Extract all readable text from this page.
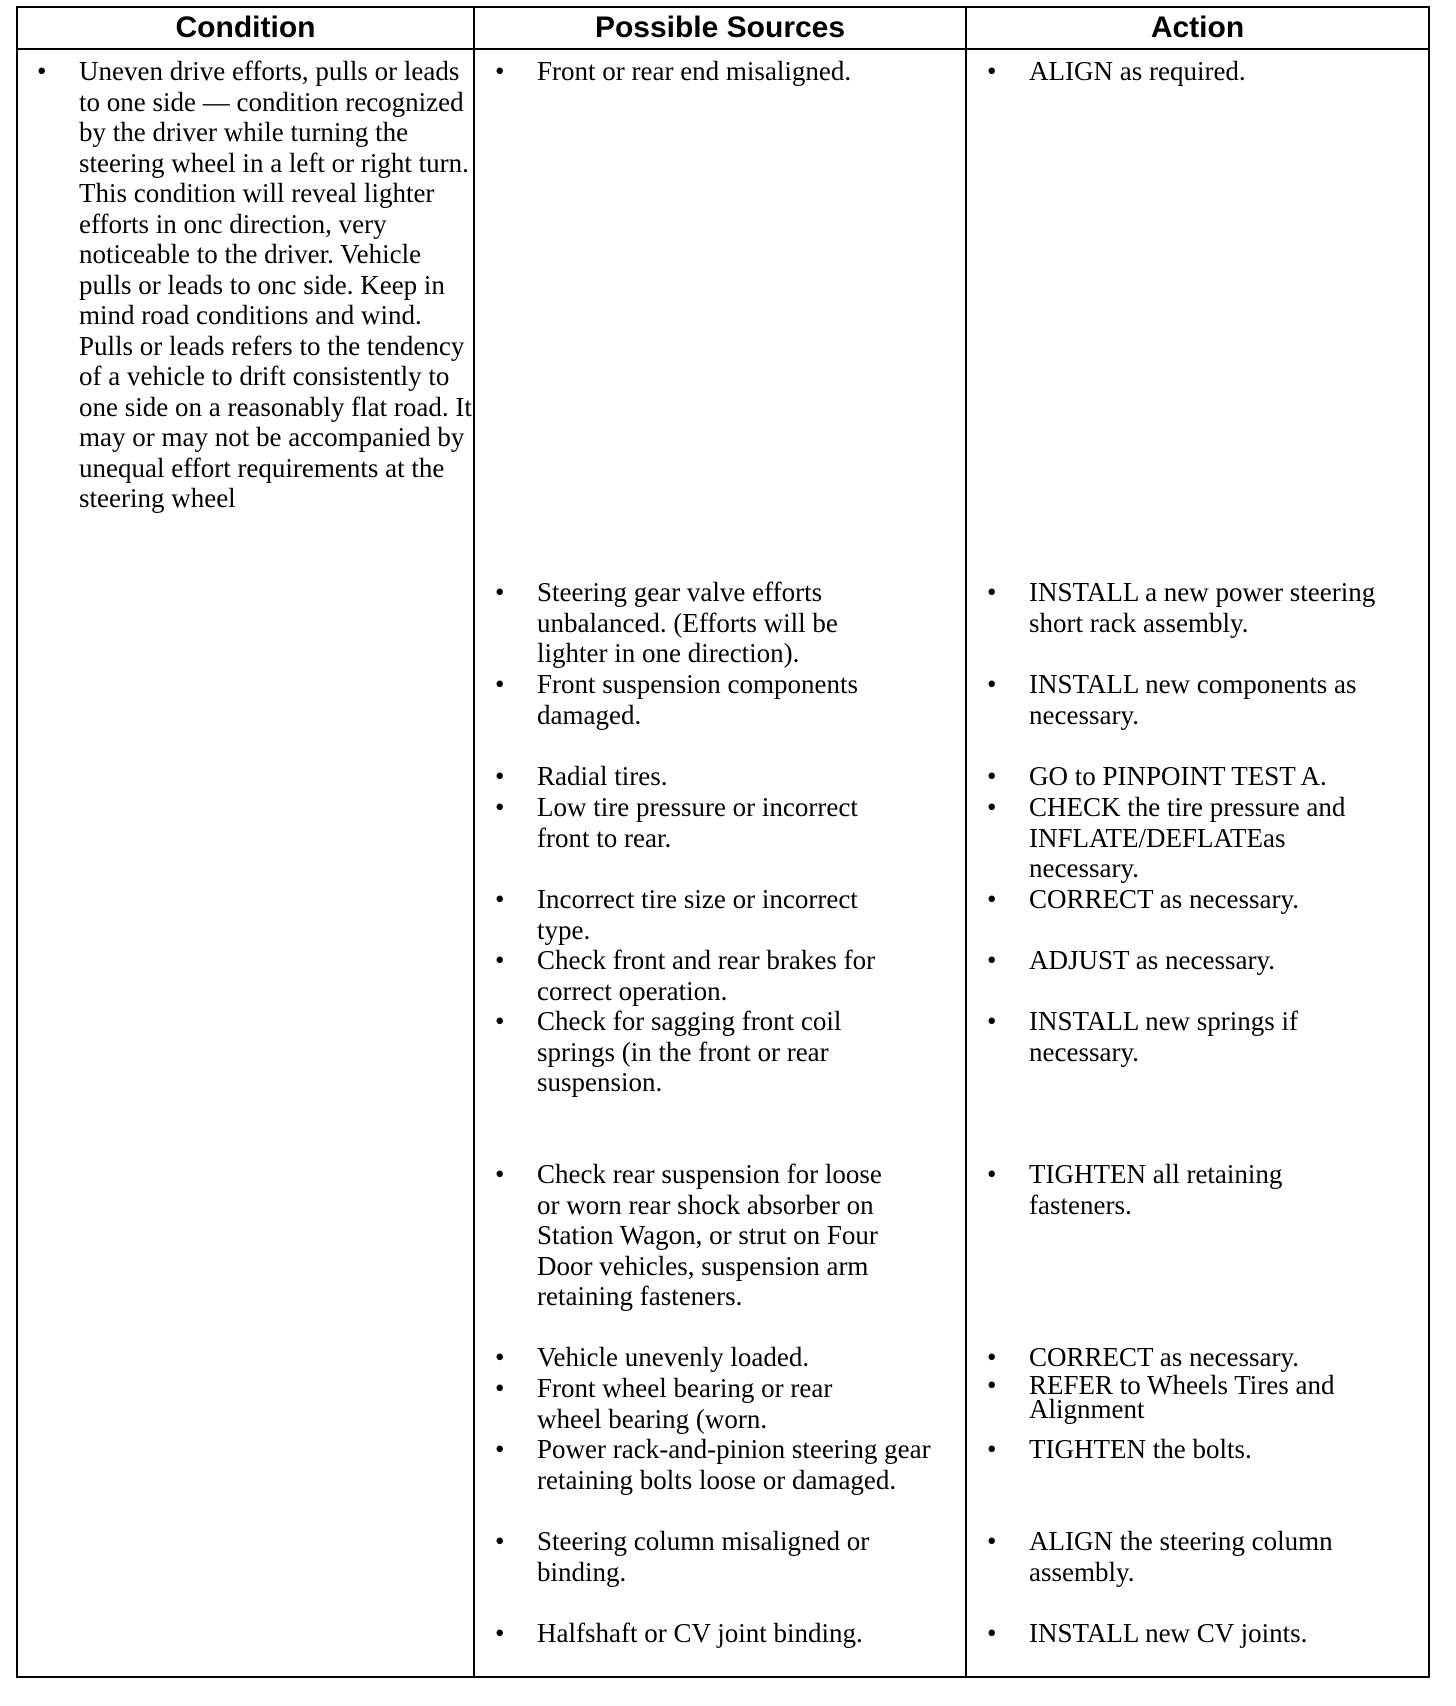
Condition	Possible Sources	Action
• Uneven drive efforts, pulls or leads to one side — condition recognized by the driver while turning the steering wheel in a left or right turn. This condition will reveal lighter efforts in onc direction, very noticeable to the driver. Vehicle pulls or leads to onc side. Keep in mind road conditions and wind. Pulls or leads refers to the tendency of a vehicle to drift consistently to one side on a reasonably flat road. It may or may not be accompanied by unequal effort requirements at the steering wheel
• Front or rear end misaligned.
• Steering gear valve efforts unbalanced. (Efforts will be lighter in one direction).
• Front suspension components damaged.
• Radial tires.
• Low tire pressure or incorrect front to rear.
• Incorrect tire size or incorrect type.
• Check front and rear brakes for correct operation.
• Check for sagging front coil springs (in the front or rear suspension.
• Check rear suspension for loose or worn rear shock absorber on Station Wagon, or strut on Four Door vehicles, suspension arm retaining fasteners.
• Vehicle unevenly loaded.
• Front wheel bearing or rear wheel bearing (worn.
• Power rack-and-pinion steering gear retaining bolts loose or damaged.
• Steering column misaligned or binding.
• Halfshaft or CV joint binding.
• ALIGN as required.
• INSTALL a new power steering short rack assembly.
• INSTALL new components as necessary.
• GO to PINPOINT TEST A.
• CHECK the tire pressure and INFLATE/DEFLATEas necessary.
• CORRECT as necessary.
• ADJUST as necessary.
• INSTALL new springs if necessary.
• TIGHTEN all retaining fasteners.
• CORRECT as necessary.
• REFER to Wheels Tires and Alignment
• TIGHTEN the bolts.
• ALIGN the steering column assembly.
• INSTALL new CV joints.
